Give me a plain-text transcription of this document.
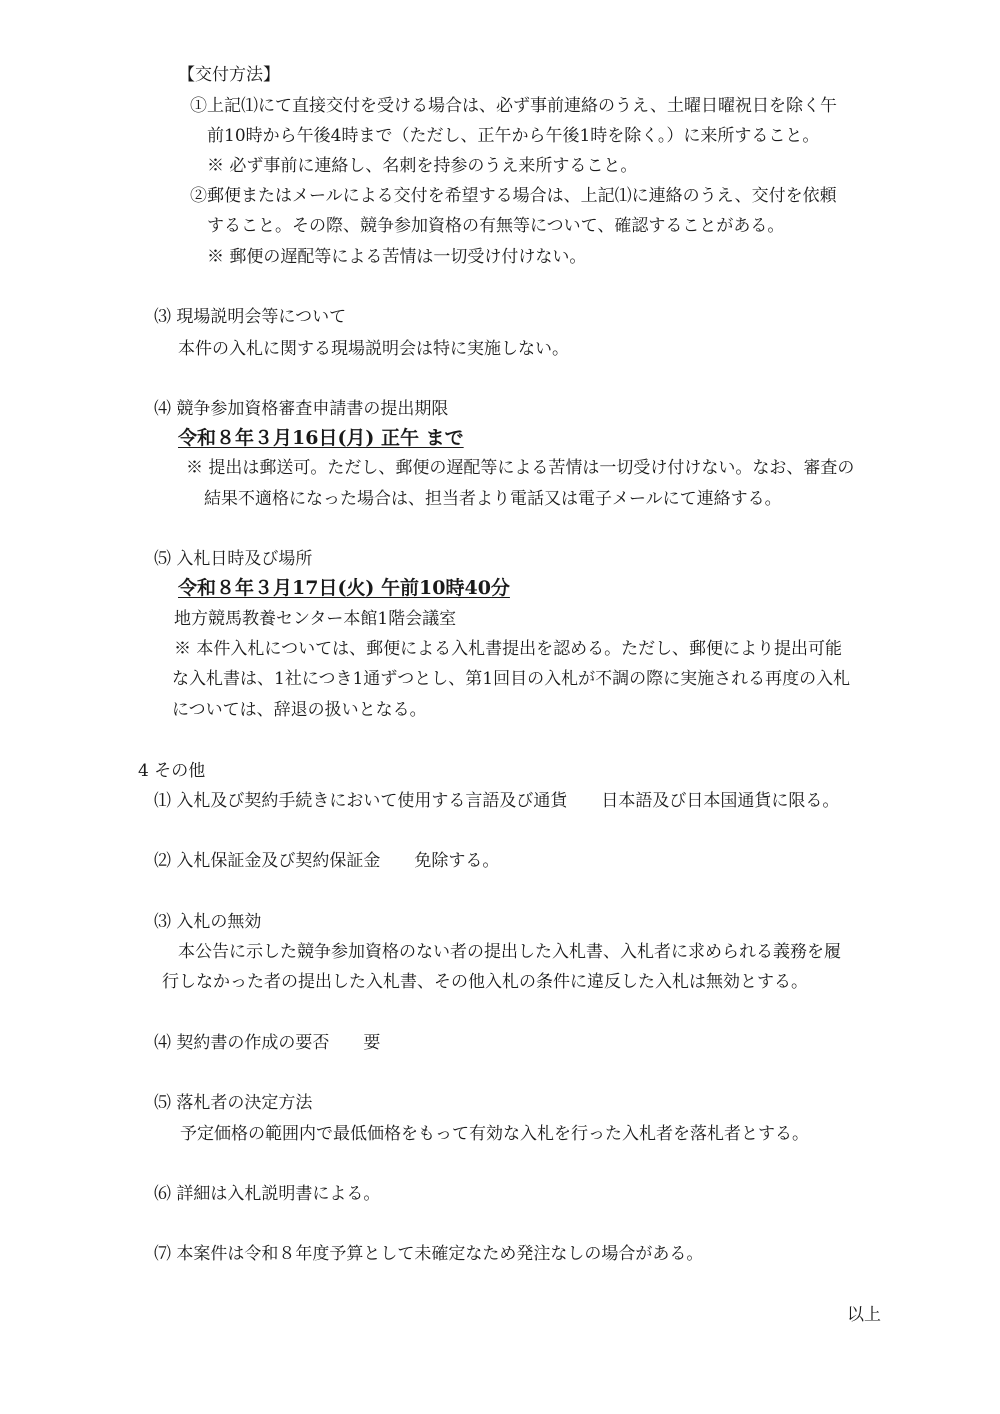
【交付方法】
①上記⑴にて直接交付を受ける場合は、必ず事前連絡のうえ、土曜日曜祝日を除く午
前10時から午後4時まで（ただし、正午から午後1時を除く。）に来所すること。
※ 必ず事前に連絡し、名刺を持参のうえ来所すること。
②郵便またはメールによる交付を希望する場合は、上記⑴に連絡のうえ、交付を依頼
すること。その際、競争参加資格の有無等について、確認することがある。
※ 郵便の遅配等による苦情は一切受け付けない。
⑶ 現場説明会等について
本件の入札に関する現場説明会は特に実施しない。
⑷ 競争参加資格審査申請書の提出期限
令和８年３月16日(月) 正午 まで
※ 提出は郵送可。ただし、郵便の遅配等による苦情は一切受け付けない。なお、審査の
結果不適格になった場合は、担当者より電話又は電子メールにて連絡する。
⑸ 入札日時及び場所
令和８年３月17日(火) 午前10時40分
地方競馬教養センター本館1階会議室
※ 本件入札については、郵便による入札書提出を認める。ただし、郵便により提出可能
な入札書は、1社につき1通ずつとし、第1回目の入札が不調の際に実施される再度の入札
については、辞退の扱いとなる。
4 その他
⑴ 入札及び契約手続きにおいて使用する言語及び通貨　　日本語及び日本国通貨に限る。
⑵ 入札保証金及び契約保証金　　免除する。
⑶ 入札の無効
本公告に示した競争参加資格のない者の提出した入札書、入札者に求められる義務を履
行しなかった者の提出した入札書、その他入札の条件に違反した入札は無効とする。
⑷ 契約書の作成の要否　　要
⑸ 落札者の決定方法
予定価格の範囲内で最低価格をもって有効な入札を行った入札者を落札者とする。
⑹ 詳細は入札説明書による。
⑺ 本案件は令和８年度予算として未確定なため発注なしの場合がある。
以上
